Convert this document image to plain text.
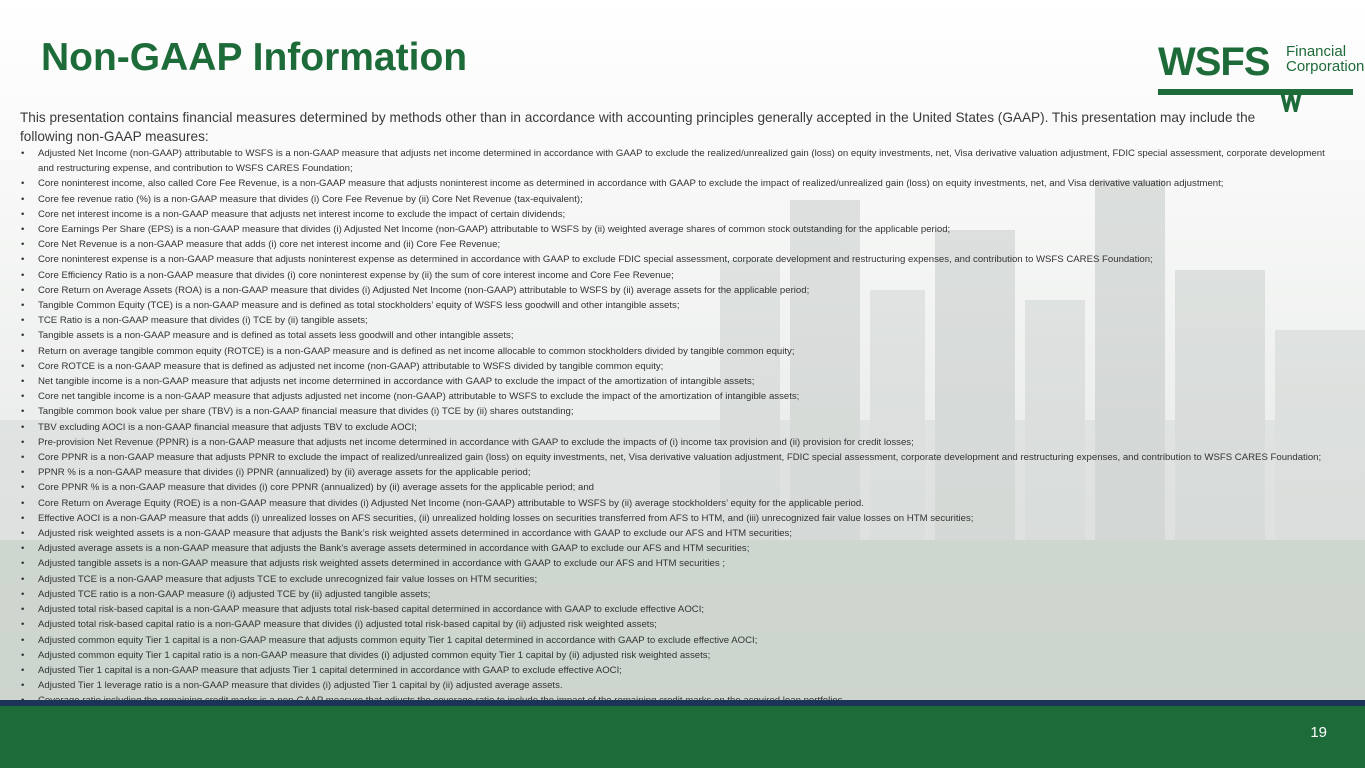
Non-GAAP Information	WSFS Financial
Corporation

This presentation contains financial measures determined by methods other than in accordance with accounting principles generally accepted in the United States (GAAP). This presentation may include the following non-GAAP measures:

• Adjusted Net Income (non-GAAP) attributable to WSFS is a non-GAAP measure that adjusts net income determined in accordance with GAAP to exclude the realized/unrealized gain (loss) on equity investments, net, Visa derivative valuation adjustment, FDIC special assessment, corporate development and restructuring expense, and contribution to WSFS CARES Foundation;
• Core noninterest income, also called Core Fee Revenue, is a non-GAAP measure that adjusts noninterest income as determined in accordance with GAAP to exclude the impact of realized/unrealized gain (loss) on equity investments, net, and Visa derivative valuation adjustment;
• Core fee revenue ratio (%) is a non-GAAP measure that divides (i) Core Fee Revenue by (ii) Core Net Revenue (tax-equivalent);
• Core net interest income is a non-GAAP measure that adjusts net interest income to exclude the impact of certain dividends;
• Core Earnings Per Share (EPS) is a non-GAAP measure that divides (i) Adjusted Net Income (non-GAAP) attributable to WSFS by (ii) weighted average shares of common stock outstanding for the applicable period;
• Core Net Revenue is a non-GAAP measure that adds (i) core net interest income and (ii) Core Fee Revenue;
• Core noninterest expense is a non-GAAP measure that adjusts noninterest expense as determined in accordance with GAAP to exclude FDIC special assessment, corporate development and restructuring expenses, and contribution to WSFS CARES Foundation;
• Core Efficiency Ratio is a non-GAAP measure that divides (i) core noninterest expense by (ii) the sum of core interest income and Core Fee Revenue;
• Core Return on Average Assets (ROA) is a non-GAAP measure that divides (i) Adjusted Net Income (non-GAAP) attributable to WSFS by (ii) average assets for the applicable period;
• Tangible Common Equity (TCE) is a non-GAAP measure and is defined as total stockholders’ equity of WSFS less goodwill and other intangible assets;
• TCE Ratio is a non-GAAP measure that divides (i) TCE by (ii) tangible assets;
• Tangible assets is a non-GAAP measure and is defined as total assets less goodwill and other intangible assets;
• Return on average tangible common equity (ROTCE) is a non-GAAP measure and is defined as net income allocable to common stockholders divided by tangible common equity;
• Core ROTCE is a non-GAAP measure that is defined as adjusted net income (non-GAAP) attributable to WSFS divided by tangible common equity;
• Net tangible income is a non-GAAP measure that adjusts net income determined in accordance with GAAP to exclude the impact of the amortization of intangible assets;
• Core net tangible income is a non-GAAP measure that adjusts adjusted net income (non-GAAP) attributable to WSFS to exclude the impact of the amortization of intangible assets;
• Tangible common book value per share (TBV) is a non-GAAP financial measure that divides (i) TCE by (ii) shares outstanding;
• TBV excluding AOCI is a non-GAAP financial measure that adjusts TBV to exclude AOCI;
• Pre-provision Net Revenue (PPNR) is a non-GAAP measure that adjusts net income determined in accordance with GAAP to exclude the impacts of (i) income tax provision and (ii) provision for credit losses;
• Core PPNR is a non-GAAP measure that adjusts PPNR to exclude the impact of realized/unrealized gain (loss) on equity investments, net, Visa derivative valuation adjustment, FDIC special assessment, corporate development and restructuring expenses, and contribution to WSFS CARES Foundation;
• PPNR % is a non-GAAP measure that divides (i) PPNR (annualized) by (ii) average assets for the applicable period;
• Core PPNR % is a non-GAAP measure that divides (i) core PPNR (annualized) by (ii) average assets for the applicable period; and
• Core Return on Average Equity (ROE) is a non-GAAP measure that divides (i) Adjusted Net Income (non-GAAP) attributable to WSFS by (ii) average stockholders’ equity for the applicable period.
• Effective AOCI is a non-GAAP measure that adds (i) unrealized losses on AFS securities, (ii) unrealized holding losses on securities transferred from AFS to HTM, and (iii) unrecognized fair value losses on HTM securities;
• Adjusted risk weighted assets is a non-GAAP measure that adjusts the Bank’s risk weighted assets determined in accordance with GAAP to exclude our AFS and HTM securities;
• Adjusted average assets is a non-GAAP measure that adjusts the Bank’s average assets determined in accordance with GAAP to exclude our AFS and HTM securities;
• Adjusted tangible assets is a non-GAAP measure that adjusts risk weighted assets determined in accordance with GAAP to exclude our AFS and HTM securities ;
• Adjusted TCE is a non-GAAP measure that adjusts TCE to exclude unrecognized fair value losses on HTM securities;
• Adjusted TCE ratio is a non-GAAP measure (i) adjusted TCE by (ii) adjusted tangible assets;
• Adjusted total risk-based capital is a non-GAAP measure that adjusts total risk-based capital determined in accordance with GAAP to exclude effective AOCI;
• Adjusted total risk-based capital ratio is a non-GAAP measure that divides (i) adjusted total risk-based capital by (ii) adjusted risk weighted assets;
• Adjusted common equity Tier 1 capital is a non-GAAP measure that adjusts common equity Tier 1 capital determined in accordance with GAAP to exclude effective AOCI;
• Adjusted common equity Tier 1 capital ratio is a non-GAAP measure that divides (i) adjusted common equity Tier 1 capital by (ii) adjusted risk weighted assets;
• Adjusted Tier 1 capital is a non-GAAP measure that adjusts Tier 1 capital determined in accordance with GAAP to exclude effective AOCI;
• Adjusted Tier 1 leverage ratio is a non-GAAP measure that divides (i) adjusted Tier 1 capital by (ii) adjusted average assets.
•
19
